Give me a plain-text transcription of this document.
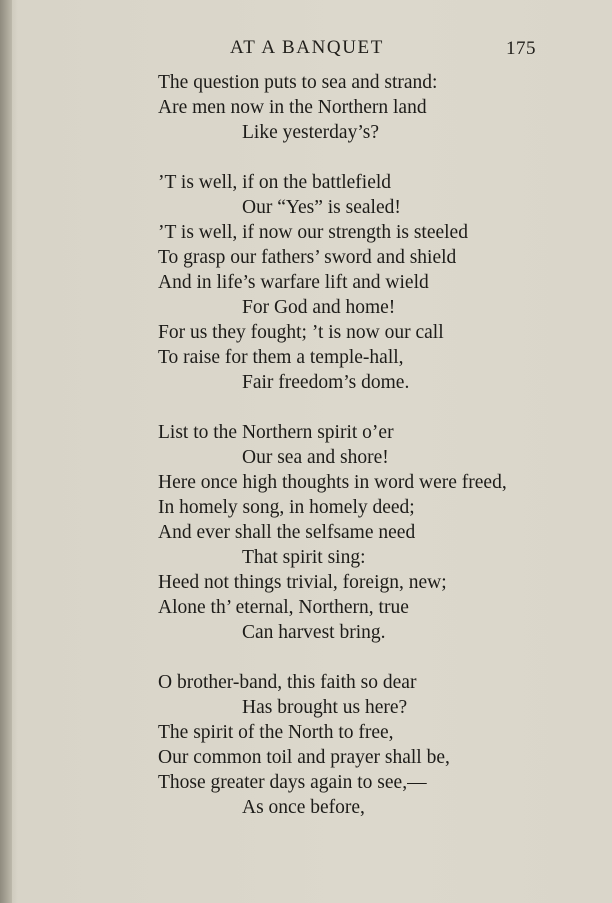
AT A BANQUET	175
The question puts to sea and strand:
Are men now in the Northern land
Like yesterday’s?
’T is well, if on the battlefield
Our “Yes” is sealed!
’T is well, if now our strength is steeled
To grasp our fathers’ sword and shield
And in life’s warfare lift and wield
For God and home!
For us they fought; ’t is now our call
To raise for them a temple-hall,
Fair freedom’s dome.
List to the Northern spirit o’er
Our sea and shore!
Here once high thoughts in word were freed,
In homely song, in homely deed;
And ever shall the selfsame need
That spirit sing:
Heed not things trivial, foreign, new;
Alone th’ eternal, Northern, true
Can harvest bring.
O brother-band, this faith so dear
Has brought us here?
The spirit of the North to free,
Our common toil and prayer shall be,
Those greater days again to see,—
As once before,
